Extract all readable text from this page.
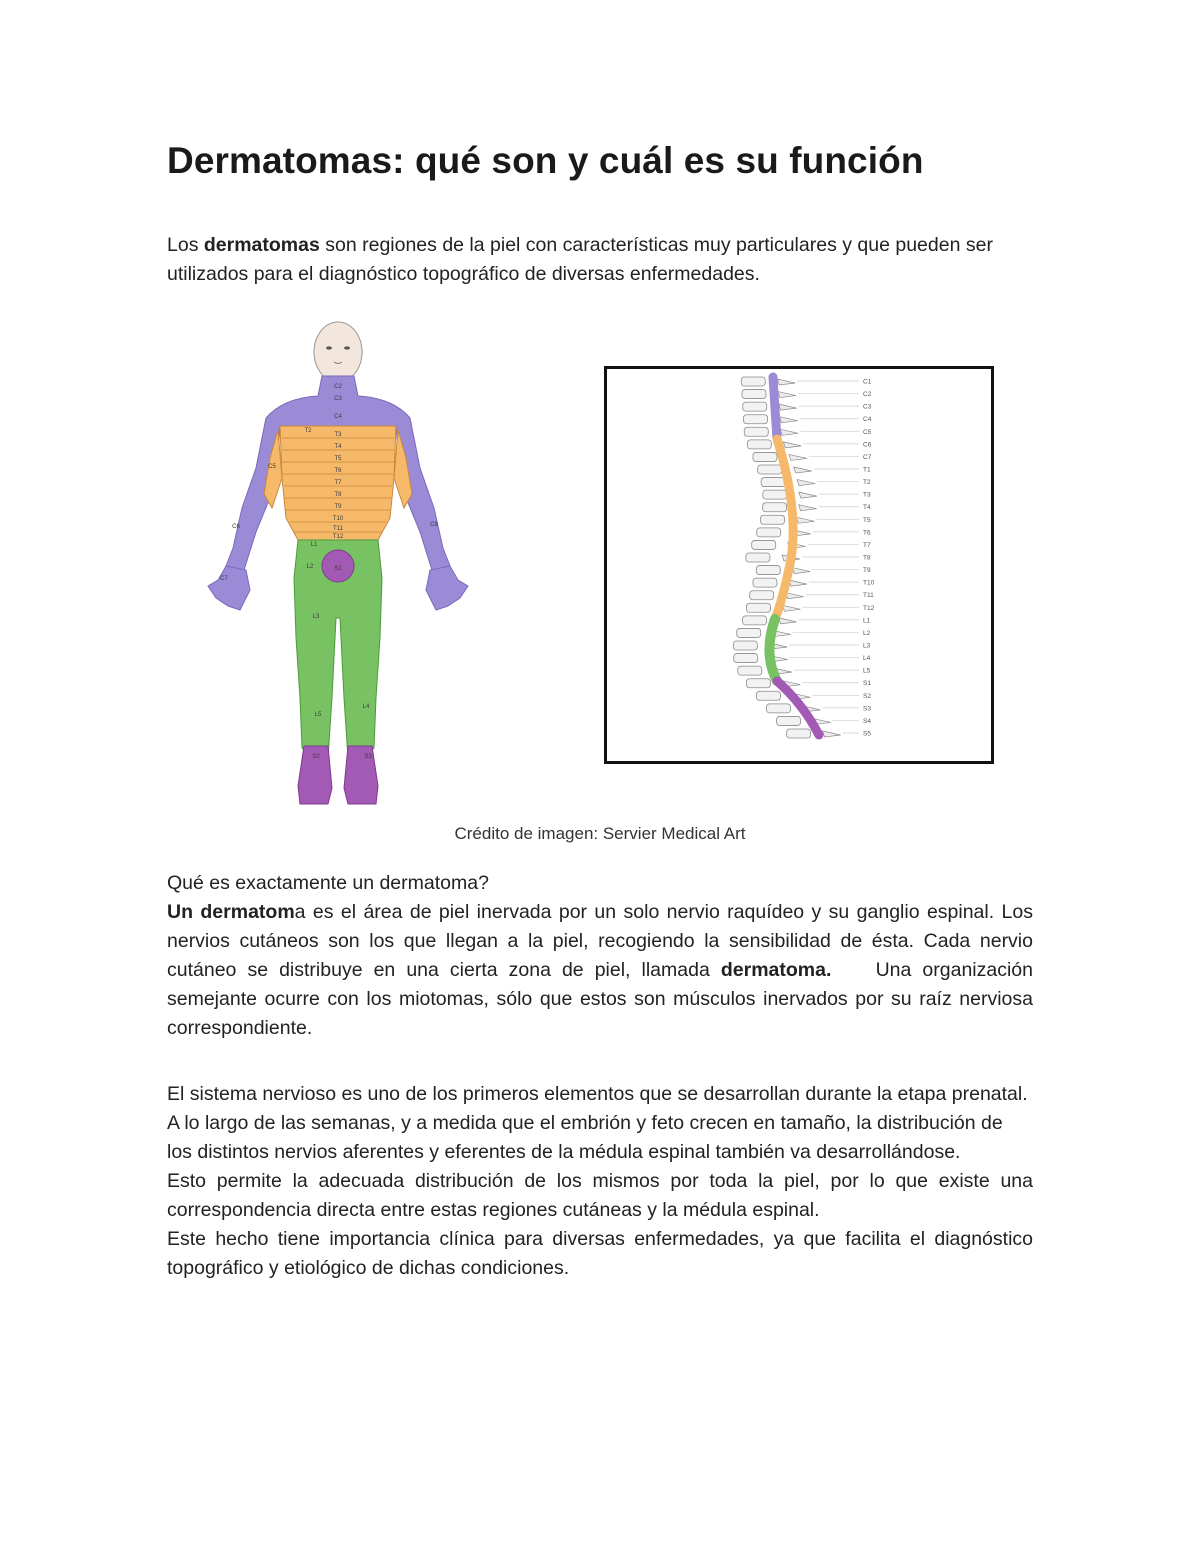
Dermatomas: qué son y cuál es su función

Los dermatomas son regiones de la piel con características muy particulares y que pueden ser utilizados para el diagnóstico topográfico de diversas enfermedades.

C2
C3
C4
T2
T3
T4
T5
T6
T7
T8
T9
T10
T11
T12
C5
C6
C7
C8
L1
L2
L3
L4
L5
S1
S2	S3
C1
C2
C3
C4
C5
C6
C7
T1
T2
T3
T4
T5
T6
T7
T8
T9
T10
T11
T12
L1
L2
L3
L4
L5
S1
S2
S3
S4
S5

Crédito de imagen: Servier Medical Art

Qué es exactamente un dermatoma?

Un dermatoma es el área de piel inervada por un solo nervio raquídeo y su ganglio espinal. Los nervios cutáneos son los que llegan a la piel, recogiendo la sensibilidad de ésta. Cada nervio cutáneo se distribuye en una cierta zona de piel, llamada dermatoma.    Una organización semejante ocurre con los miotomas, sólo que estos son músculos inervados por su raíz nerviosa correspondiente.

El sistema nervioso es uno de los primeros elementos que se desarrollan durante la etapa prenatal. A lo largo de las semanas, y a medida que el embrión y feto crecen en tamaño, la distribución de los distintos nervios aferentes y eferentes de la médula espinal también va desarrollándose.

Esto permite la adecuada distribución de los mismos por toda la piel, por lo que existe una correspondencia directa entre estas regiones cutáneas y la médula espinal.

Este hecho tiene importancia clínica para diversas enfermedades, ya que facilita el diagnóstico topográfico y etiológico de dichas condiciones.
